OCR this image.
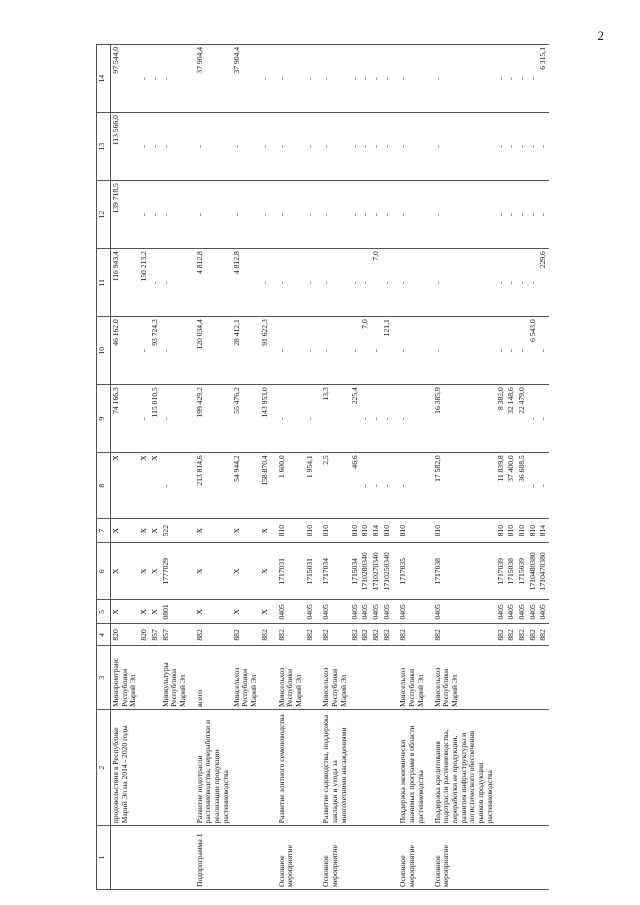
2
1	2	3	4	5	6	7	8	9	10	11	12	13	14
	продовольствия в Республике Марий Эл на 2014 - 2020 годы	Минпромтранс Республики Марий Эл	820	X	X	X	X	74 166,3	46 162,0	116 943,4	139 718,5	113 566,0	97 544,0
			820	X	X	X	X	-	-	150 213,2	-	-	-
			857	X	X	X	X	115 010,5	93 724,3	-	-	-	-
		Минкультуры Республики Марий Эл	857	0801	1777029	522	-	-	-	-	-	-	-
Подпрограмма 1	Развитие подотрасли растениеводства, переработки и реализации продукции растениеводства	всего	882	X	X	X	213 814,6	199 429,2	120 034,4	4 812,8	-	-	37 904,4
		Минсельхоз Республики Марий Эл	882	X	X	X	54 944,2	55 476,2	28 412,1	4 812,8	-	-	37 904,4
			882	X	X	X	158 870,4	143 953,0	91 622,3	-	-	-	-
Основное мероприятие	Развитие элитного семеноводства	Минсельхоз Республики Марий Эл	882	0405	1717031	810	1 600,0	-	-	-	-	-	-
			882	0405	1715031	810	1 954,1	-	-	-	-	-	-
Основное мероприятие	Развитие садоводства, поддержка закладки и ухода за многолетними насаждениями	Минсельхоз Республики Марий Эл	882	0405	1717034	810	2,5	13,3	-	-	-	-	-
			882	0405	1715034	810	46,6	225,4	-	-	-	-	-
			882	0405	1710280340	810	-	-	7,0	-	-	-	-
			882	0405	1710270340	814	-	-	-	7,0	-	-	-
			882	0405	1710250340	810	-	-	121,1	-	-	-	-
Основное мероприятие	Поддержка экономически значимых программ в области растениеводства	Минсельхоз Республики Марий Эл	882	0405	1717035	810	-	-	-	-	-	-	-
Основное мероприятие	Поддержка кредитования подотрасли растениеводства, переработки ее продукции, развития инфраструктуры и логистического обеспечения рынков продукции растениеводства	Минсельхоз Республики Марий Эл	882	0405	1717038	810	17 582,0	16 385,9	-	-	-	-	-
			882	0405	1717039	810	11 839,8	8 382,0	-	-	-	-	-
			882	0405	1715038	810	37 400,0	32 148,6	-	-	-	-	-
			882	0405	1715039	810	36 688,5	22 479,0	-	-	-	-	-
			882	0405	1710480380	810	-	-	6 543,0	-	-	-	-
			882	0405	1710470380	814	-	-	-	229,6	-	-	6 315,1
